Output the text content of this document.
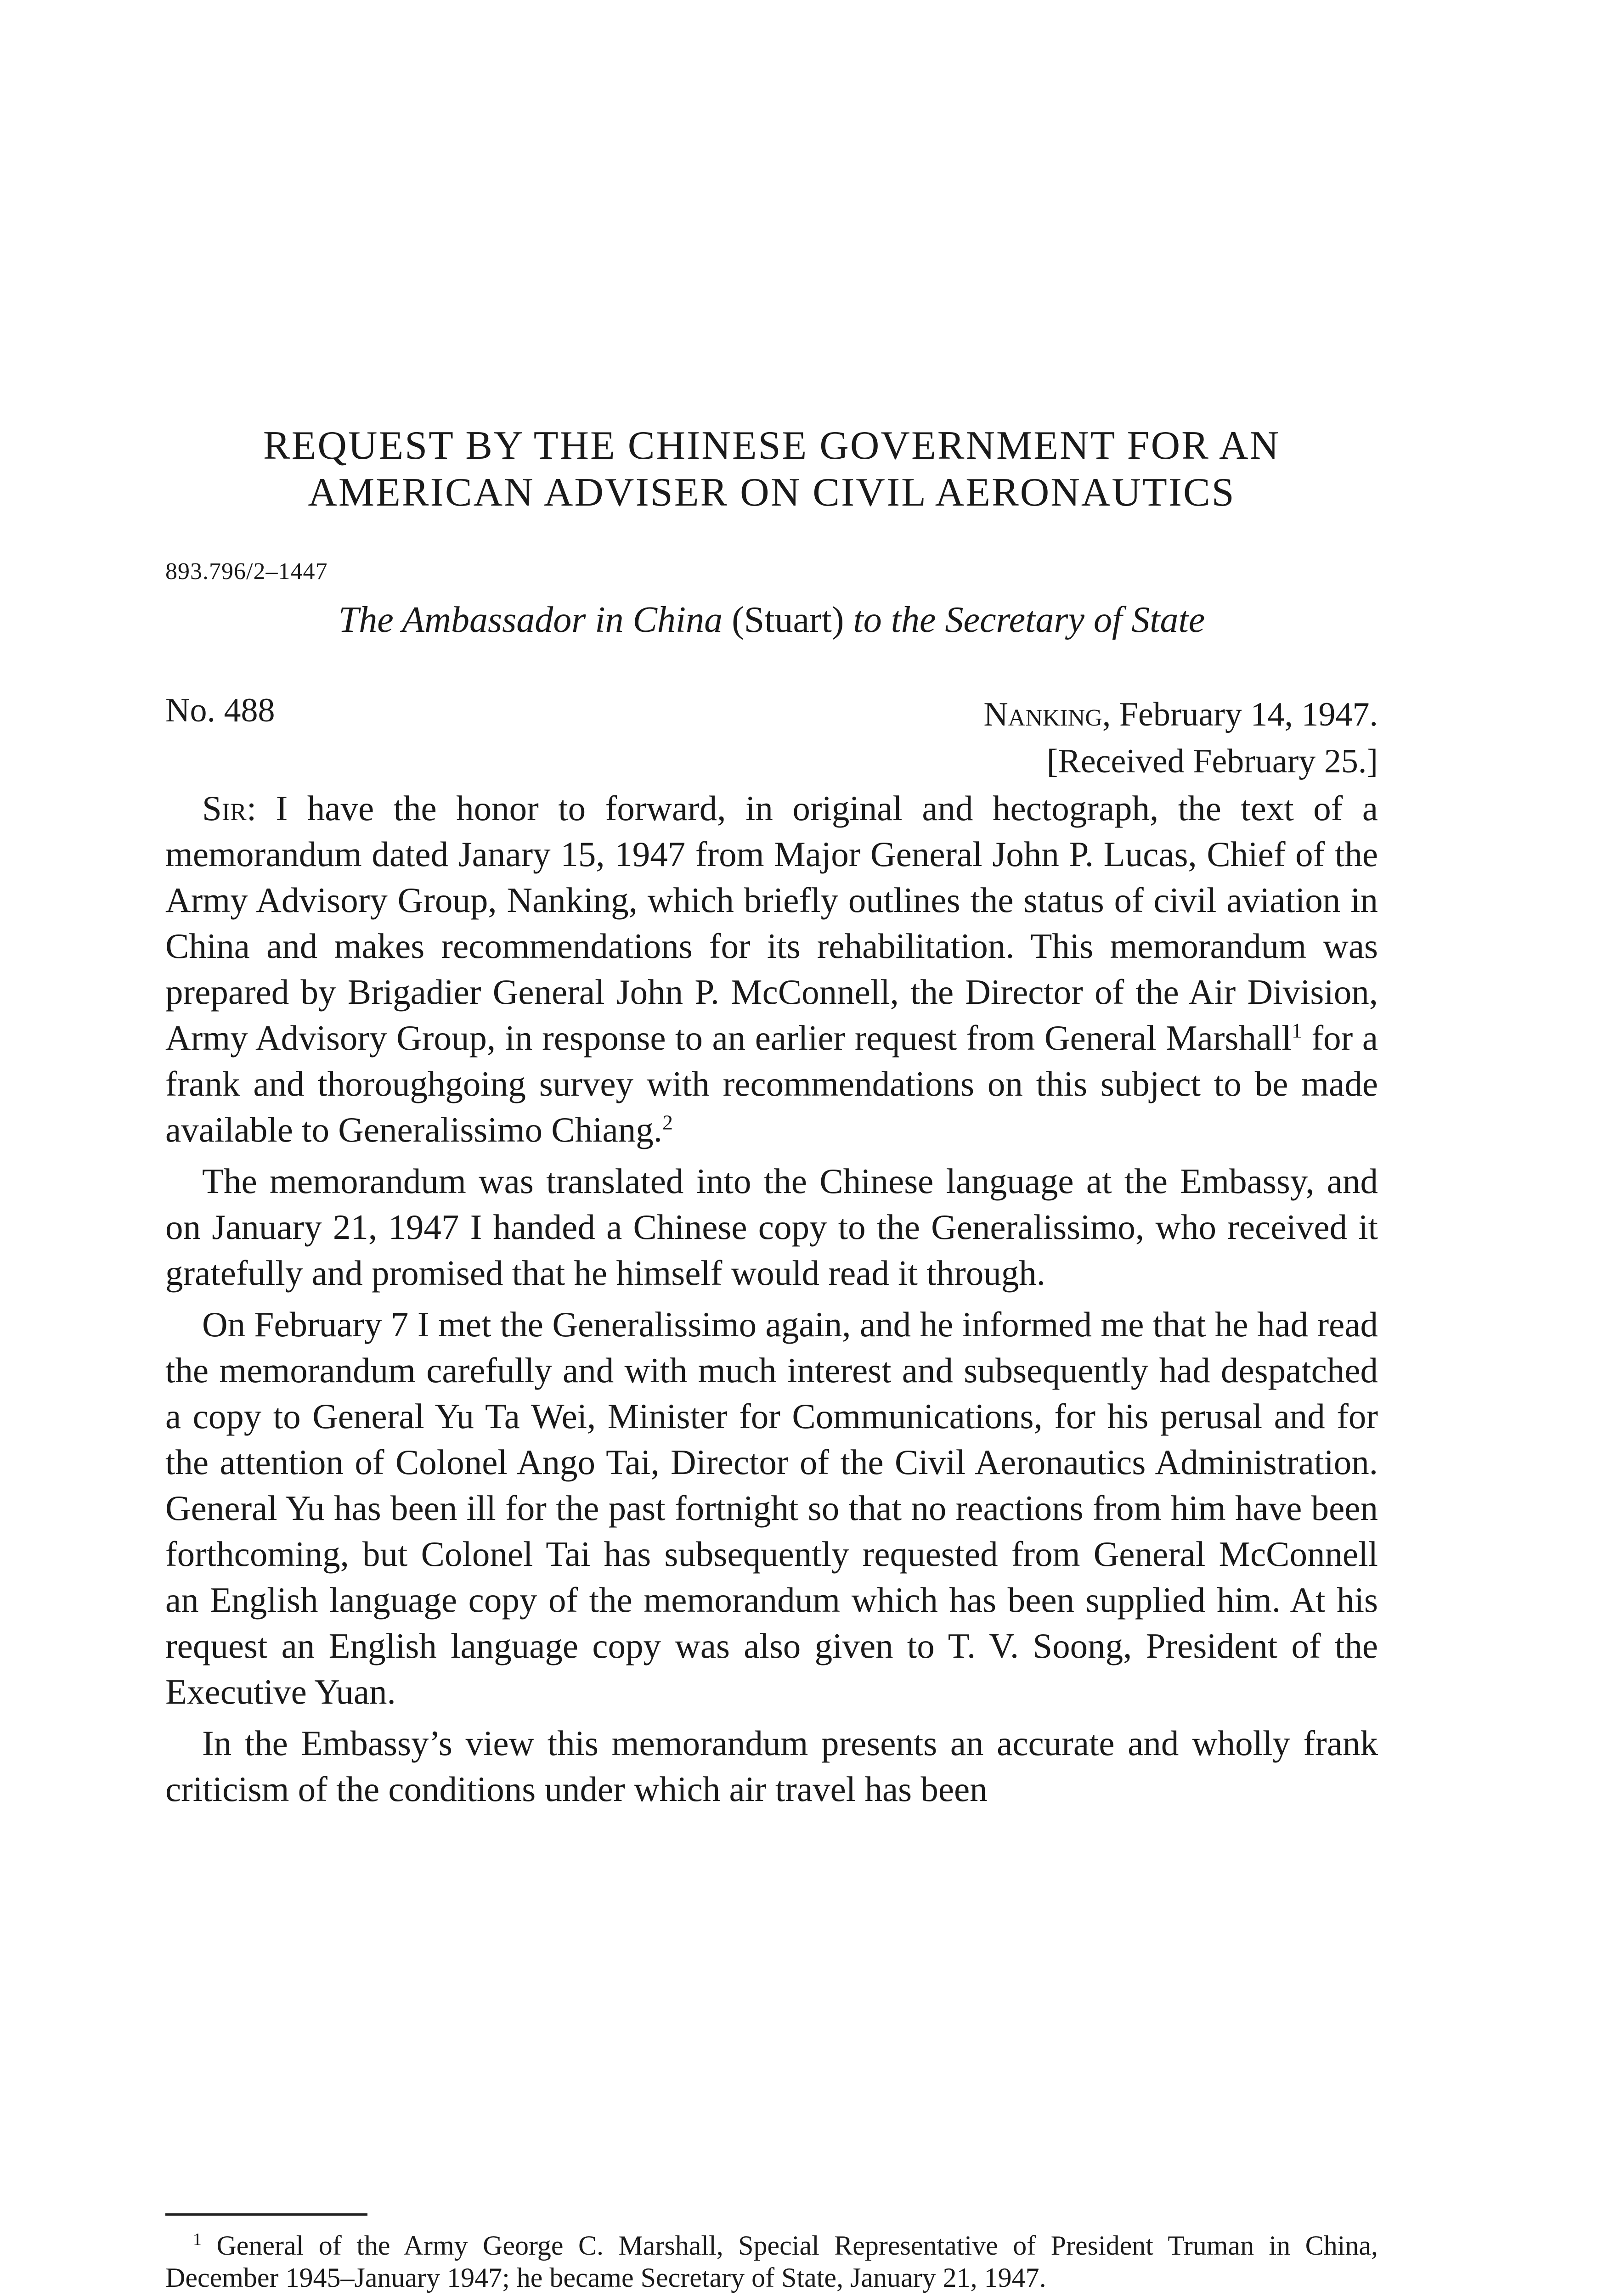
REQUEST BY THE CHINESE GOVERNMENT FOR AN
AMERICAN ADVISER ON CIVIL AERONAUTICS
893.796/2–1447
The Ambassador in China (Stuart) to the Secretary of State
No. 488	Nanking, February 14, 1947.
[Received February 25.]

Sir: I have the honor to forward, in original and hectograph, the text of a memorandum dated Janary 15, 1947 from Major General John P. Lucas, Chief of the Army Advisory Group, Nanking, which briefly outlines the status of civil aviation in China and makes recommendations for its rehabilitation. This memorandum was prepared by Brigadier General John P. McConnell, the Director of the Air Division, Army Advisory Group, in response to an earlier request from General Marshall$^1$ for a frank and thoroughgoing survey with recommendations on this subject to be made available to Generalissimo Chiang.$^2$

The memorandum was translated into the Chinese language at the Embassy, and on January 21, 1947 I handed a Chinese copy to the Generalissimo, who received it gratefully and promised that he himself would read it through.

On February 7 I met the Generalissimo again, and he informed me that he had read the memorandum carefully and with much interest and subsequently had despatched a copy to General Yu Ta Wei, Minister for Communications, for his perusal and for the attention of Colonel Ango Tai, Director of the Civil Aeronautics Administration. General Yu has been ill for the past fortnight so that no reactions from him have been forthcoming, but Colonel Tai has subsequently requested from General McConnell an English language copy of the memorandum which has been supplied him. At his request an English language copy was also given to T. V. Soong, President of the Executive Yuan.

In the Embassy’s view this memorandum presents an accurate and wholly frank criticism of the conditions under which air travel has been

$^1$ General of the Army George C. Marshall, Special Representative of President Truman in China, December 1945–January 1947; he became Secretary of State, January 21, 1947.
